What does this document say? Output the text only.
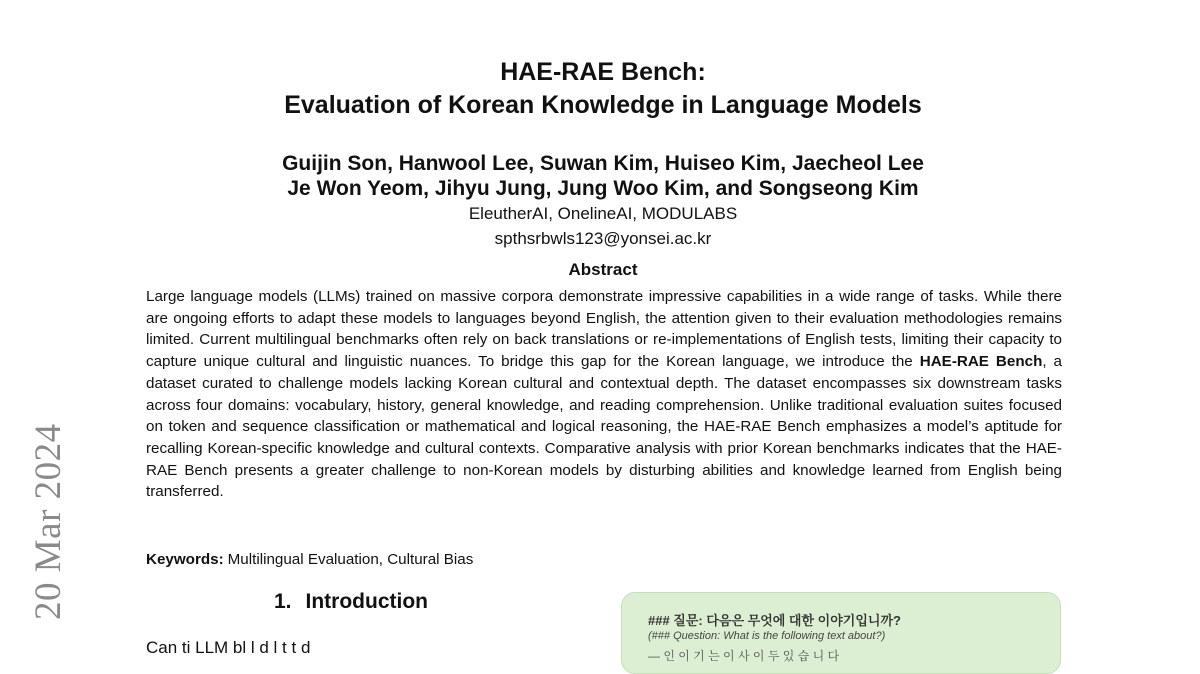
20 Mar 2024
HAE-RAE Bench:
Evaluation of Korean Knowledge in Language Models
Guijin Son, Hanwool Lee, Suwan Kim, Huiseo Kim, Jaecheol Lee
Je Won Yeom, Jihyu Jung, Jung Woo Kim, and Songseong Kim
EleutherAI, OnelineAI, MODULABS
spthsrbwls123@yonsei.ac.kr
Abstract
Large language models (LLMs) trained on massive corpora demonstrate impressive capabilities in a wide range of tasks. While there are ongoing efforts to adapt these models to languages beyond English, the attention given to their evaluation methodologies remains limited. Current multilingual benchmarks often rely on back translations or re-implementations of English tests, limiting their capacity to capture unique cultural and linguistic nuances. To bridge this gap for the Korean language, we introduce the HAE-RAE Bench, a dataset curated to challenge models lacking Korean cultural and contextual depth. The dataset encompasses six downstream tasks across four domains: vocabulary, history, general knowledge, and reading comprehension. Unlike traditional evaluation suites focused on token and sequence classification or mathematical and logical reasoning, the HAE-RAE Bench emphasizes a model’s aptitude for recalling Korean-specific knowledge and cultural contexts. Comparative analysis with prior Korean benchmarks indicates that the HAE-RAE Bench presents a greater challenge to non-Korean models by disturbing abilities and knowledge learned from English being transferred.
Keywords: Multilingual Evaluation, Cultural Bias
1. Introduction
Can ti LLM bl l d l t t d
### 질문: 다음은 무엇에 대한 이야기입니까?
(### Question: What is the following text about?)
— 인 이 기 는 이 사 이 두 있 습 니 다
